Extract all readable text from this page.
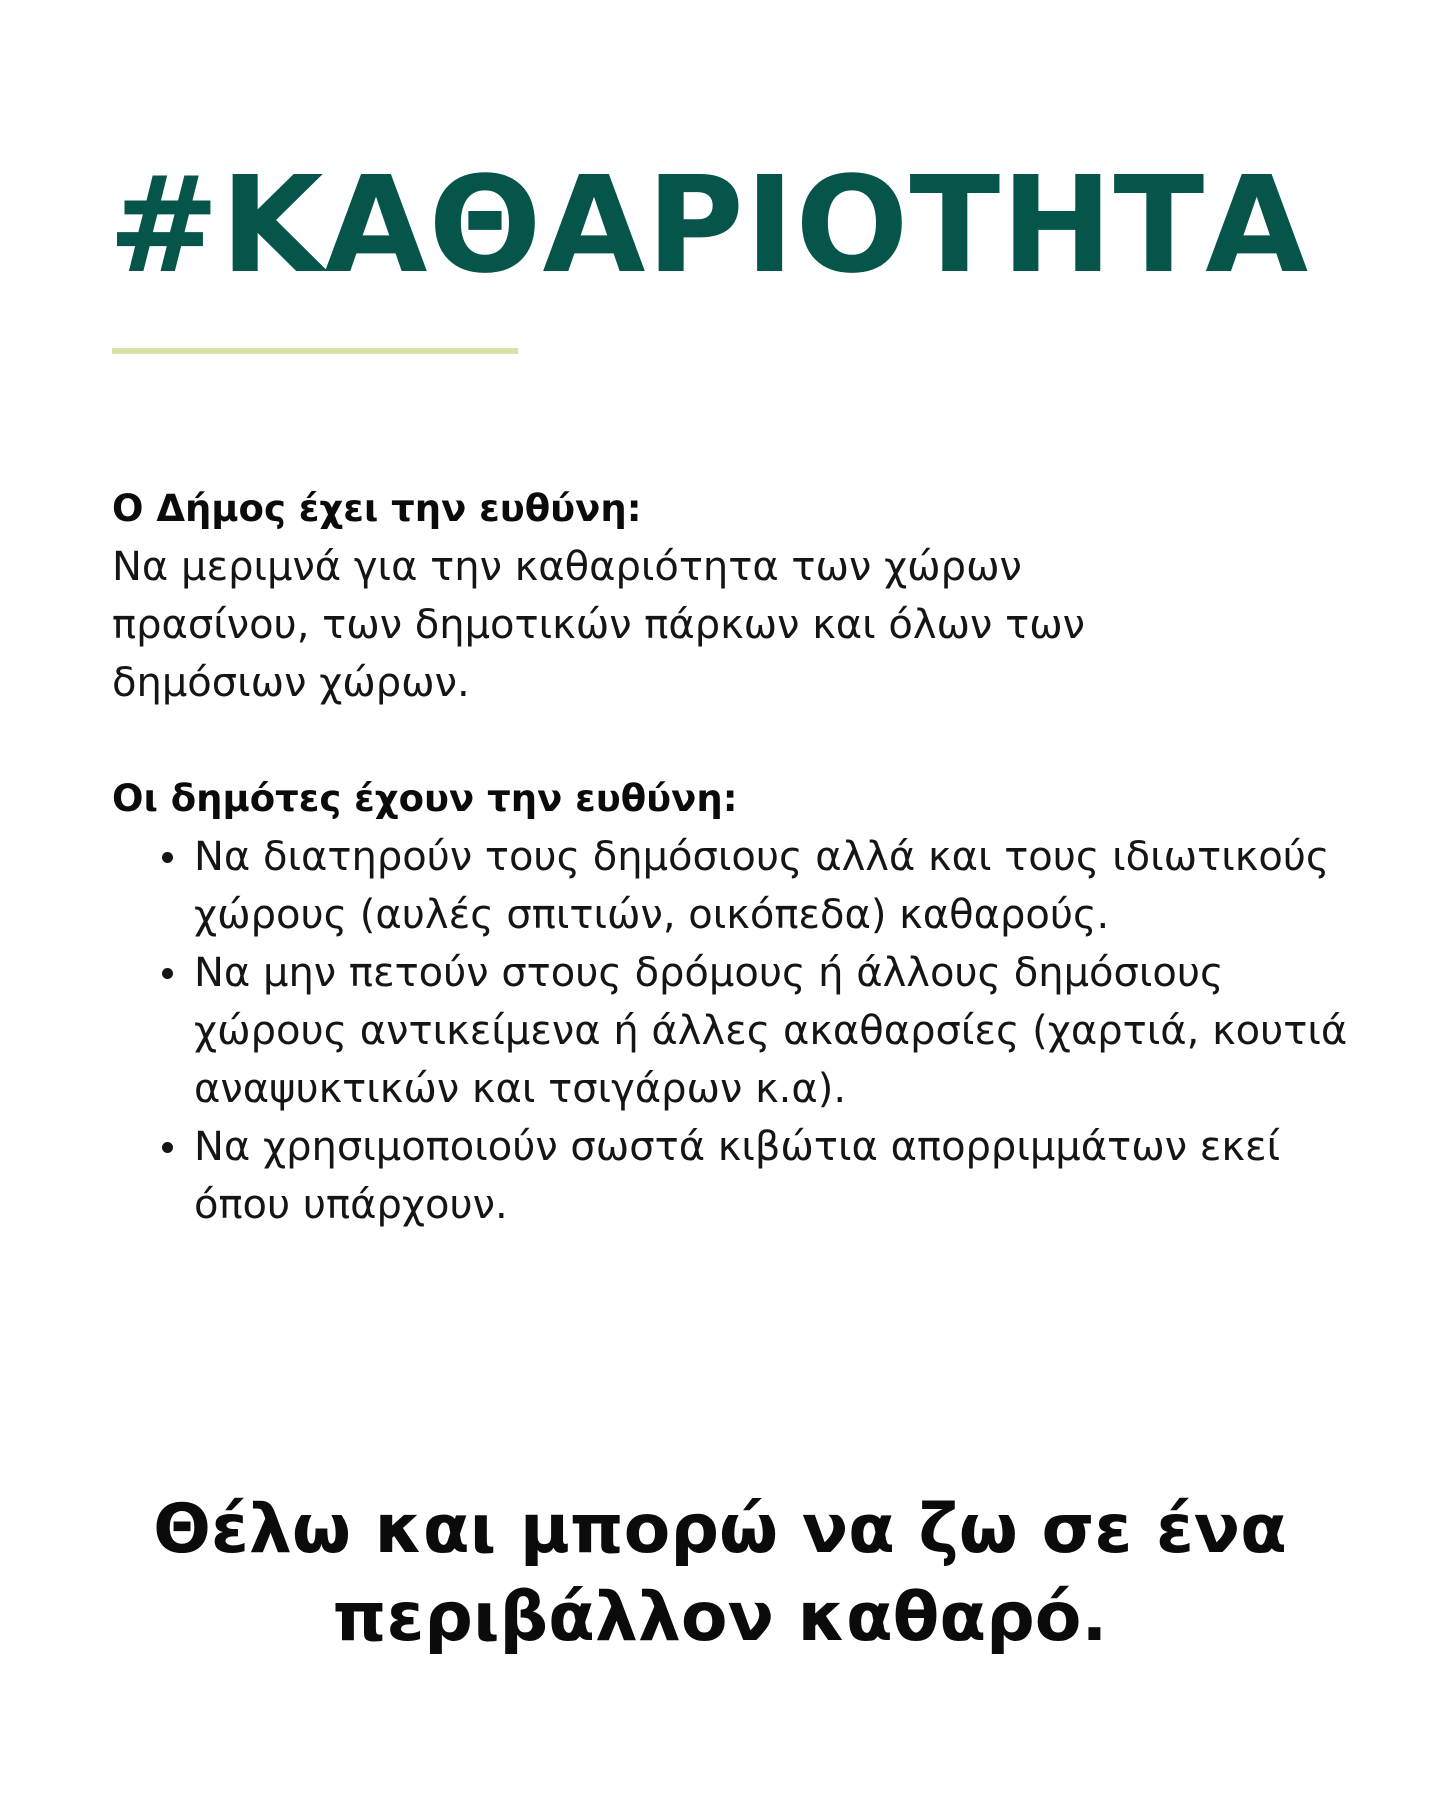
#ΚΑΘΑΡΙΟΤΗΤΑ

Ο Δήμος έχει την ευθύνη:

Να μεριμνά για την καθαριότητα των χώρων πρασίνου, των δημοτικών πάρκων και όλων των δημόσιων χώρων.

Οι δημότες έχουν την ευθύνη:

Να διατηρούν τους δημόσιους αλλά και τους ιδιωτικούς χώρους (αυλές σπιτιών, οικόπεδα) καθαρούς.
Να μην πετούν στους δρόμους ή άλλους δημόσιους χώρους αντικείμενα ή άλλες ακαθαρσίες (χαρτιά, κουτιά αναψυκτικών και τσιγάρων κ.α).
Να χρησιμοποιούν σωστά κιβώτια απορριμμάτων εκεί όπου υπάρχουν.

Θέλω και μπορώ να ζω σε ένα
περιβάλλον καθαρό.
